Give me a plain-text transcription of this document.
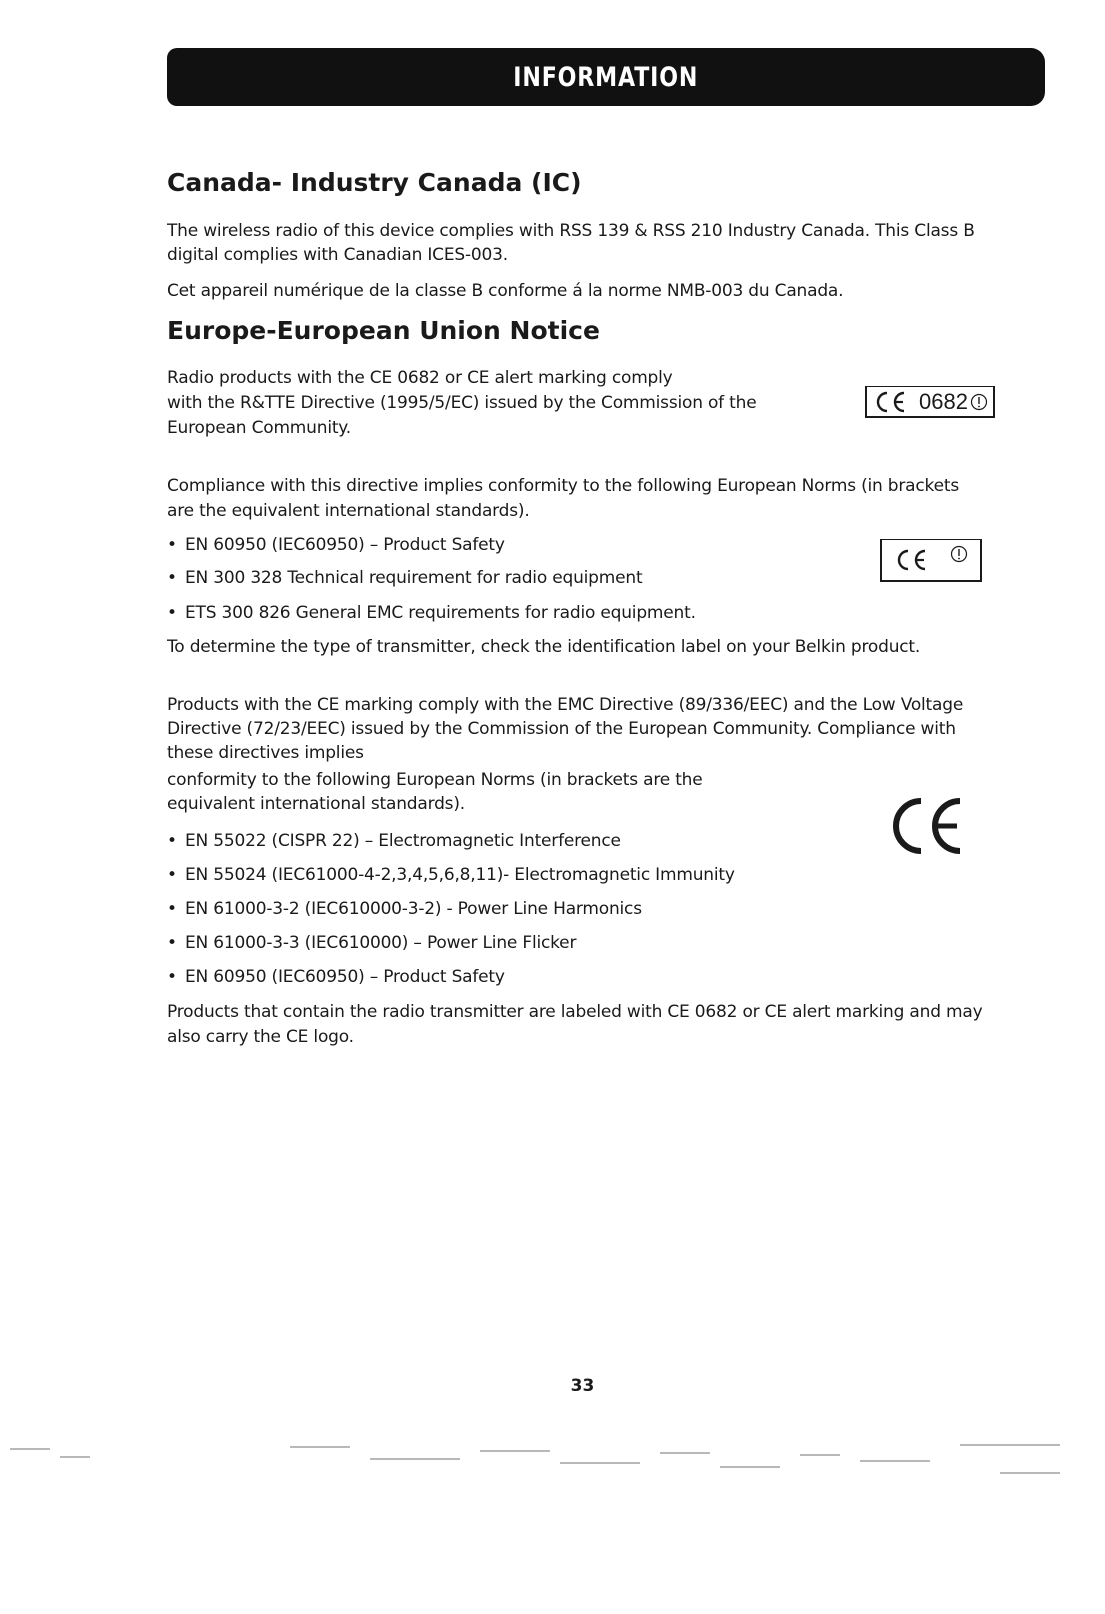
INFORMATION
Canada- Industry Canada (IC)

The wireless radio of this device complies with RSS 139 & RSS 210 Industry Canada. This Class B

digital complies with Canadian ICES-003.

Cet appareil numérique de la classe B conforme á la norme NMB-003 du Canada.

Europe-European Union Notice

Radio products with the CE 0682 or CE alert marking comply

with the R&TTE Directive (1995/5/EC) issued by the Commission of the

European Community.

0682

Compliance with this directive implies conformity to the following European Norms (in brackets

are the equivalent international standards).

• EN 60950 (IEC60950) – Product Safety

• EN 300 328 Technical requirement for radio equipment

• ETS 300 826 General EMC requirements for radio equipment.

To determine the type of transmitter, check the identification label on your Belkin product.

Products with the CE marking comply with the EMC Directive (89/336/EEC) and the Low Voltage

Directive (72/23/EEC) issued by the Commission of the European Community. Compliance with

these directives implies

conformity to the following European Norms (in brackets are the

equivalent international standards).

• EN 55022 (CISPR 22) – Electromagnetic Interference

• EN 55024 (IEC61000-4-2,3,4,5,6,8,11)- Electromagnetic Immunity

• EN 61000-3-2 (IEC610000-3-2) - Power Line Harmonics

• EN 61000-3-3 (IEC610000) – Power Line Flicker

• EN 60950 (IEC60950) – Product Safety

Products that contain the radio transmitter are labeled with CE 0682 or CE alert marking and may

also carry the CE logo.

33
